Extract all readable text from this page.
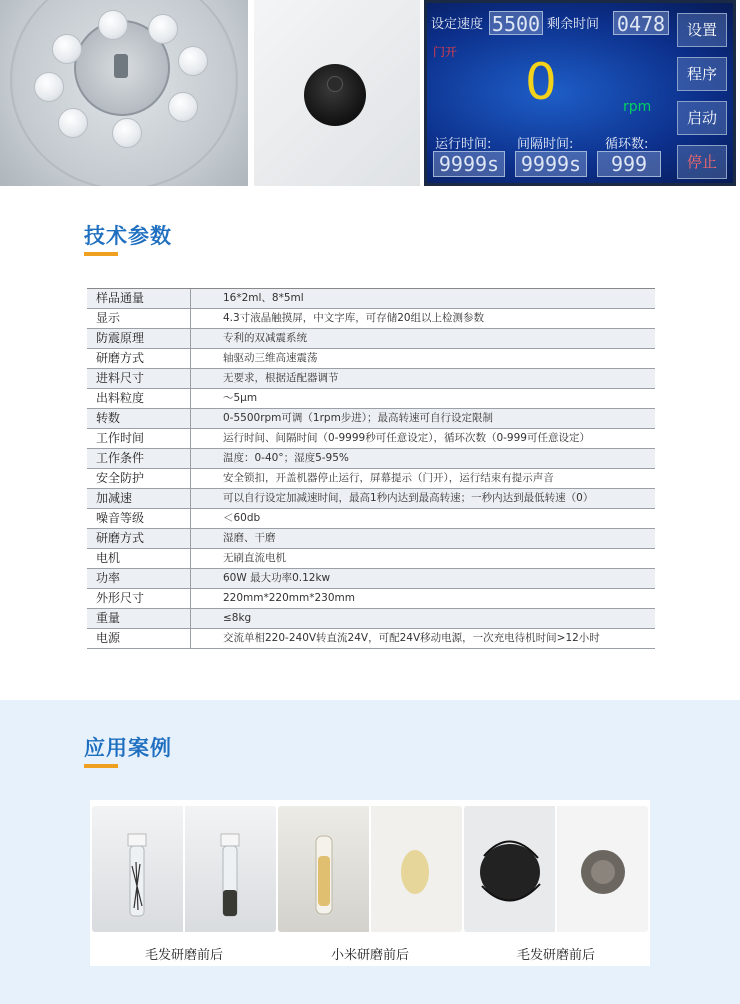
设定速度 5500 剩余时间 0478
门开
0	rpm
运行时间: 间隔时间: 循环数:
9999s 9999s	999
设置
程序
启动
停止
技术参数
样品通量	16*2ml、8*5ml
显示	4.3寸液晶触摸屏，中文字库，可存储20组以上检测参数
防震原理	专利的双减震系统
研磨方式	轴驱动三维高速震荡
进料尺寸	无要求，根据适配器调节
出料粒度	～5μm
转数	0-5500rpm可调（1rpm步进）；最高转速可自行设定限制
工作时间	运行时间、间隔时间（0-9999秒可任意设定），循环次数（0-999可任意设定）
工作条件	温度：0-40°；湿度5-95%
安全防护	安全锁扣，开盖机器停止运行，屏幕提示（门开），运行结束有提示声音
加减速	可以自行设定加减速时间，最高1秒内达到最高转速；一秒内达到最低转速（0）
噪音等级	＜60db
研磨方式	湿磨、干磨
电机	无刷直流电机
功率	60W 最大功率0.12kw
外形尺寸	220mm*220mm*230mm
重量	≤8kg
电源	交流单相220-240V转直流24V，可配24V移动电源，一次充电待机时间>12小时
应用案例
毛发研磨前后	小米研磨前后	毛发研磨前后
